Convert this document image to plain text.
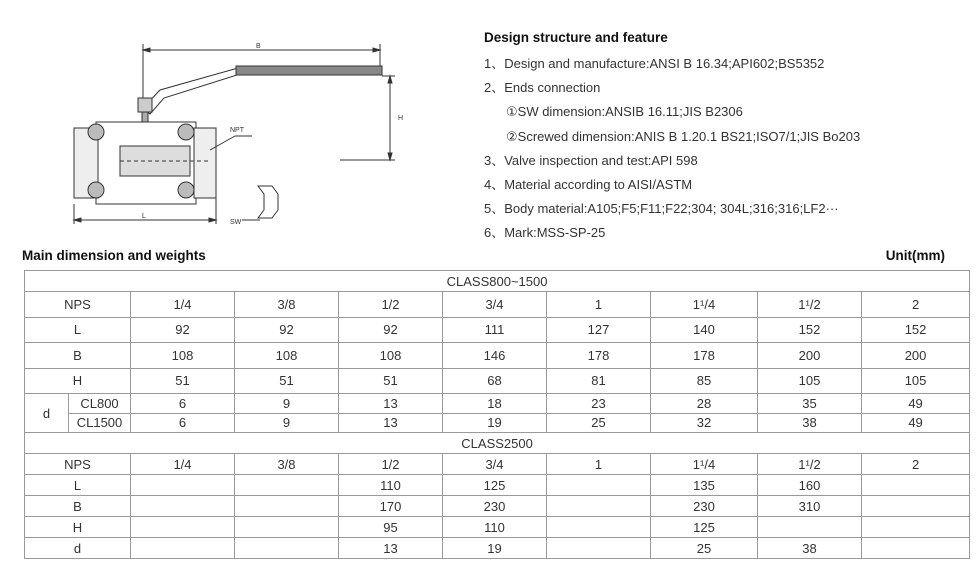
B
H
L
NPT
SW
Design structure and feature
1、Design and manufacture:ANSI B 16.34;API602;BS5352
2、Ends connection
①SW dimension:ANSIB 16.11;JIS B2306
②Screwed dimension:ANIS B 1.20.1 BS21;ISO7/1;JIS Bo203
3、Valve inspection and test:API 598
4、Material according to AISI/ASTM
5、Body material:A105;F5;F11;F22;304; 304L;316;316;LF2···
6、Mark:MSS-SP-25
Main dimension and weights	Unit(mm)
CLASS800~1500									
NPS		1/4	3/8	1/2	3/4	1	1¹/4	1¹/2	2
L		92	92	92	111	127	140	152	152
B		108	108	108	146	178	178	200	200
H		51	51	51	68	81	85	105	105
d	CL800	6	9	13	18	23	28	35	49
	CL1500	6	9	13	19	25	32	38	49
CLASS2500									
NPS		1/4	3/8	1/2	3/4	1	1¹/4	1¹/2	2
L				110	125		135	160	
B				170	230		230	310	
H				95	110		125		
d				13	19		25	38	
